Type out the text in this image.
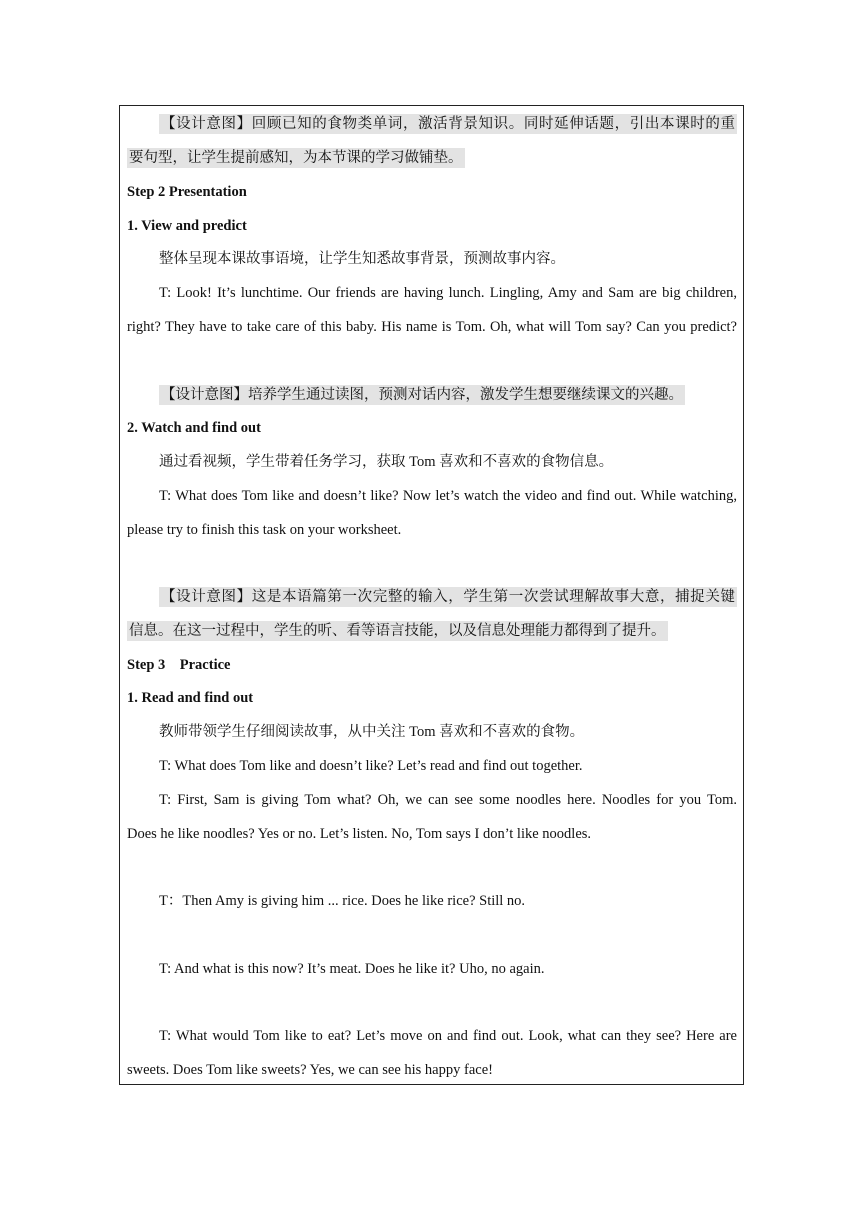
【设计意图】回顾已知的食物类单词，激活背景知识。同时延伸话题，引出本课时的重
要句型，让学生提前感知，为本节课的学习做铺垫。
Step 2 Presentation
1. View and predict
整体呈现本课故事语境，让学生知悉故事背景，预测故事内容。
T: Look! It’s lunchtime. Our friends are having lunch. Lingling, Amy and Sam are big children,
right? They have to take care of this baby. His name is Tom. Oh, what will Tom say? Can you predict?
【设计意图】培养学生通过读图，预测对话内容，激发学生想要继续课文的兴趣。
2. Watch and find out
通过看视频，学生带着任务学习，获取 Tom 喜欢和不喜欢的食物信息。
T: What does Tom like and doesn’t like? Now let’s watch the video and find out. While watching,
please try to finish this task on your worksheet.
【设计意图】这是本语篇第一次完整的输入，学生第一次尝试理解故事大意，捕捉关键
信息。在这一过程中，学生的听、看等语言技能，以及信息处理能力都得到了提升。
Step 3    Practice
1. Read and find out
教师带领学生仔细阅读故事，从中关注 Tom 喜欢和不喜欢的食物。
T: What does Tom like and doesn’t like? Let’s read and find out together.
T: First, Sam is giving Tom what? Oh, we can see some noodles here. Noodles for you Tom.
Does he like noodles? Yes or no. Let’s listen. No, Tom says I don’t like noodles.
T：Then Amy is giving him ... rice. Does he like rice? Still no.
T: And what is this now? It’s meat. Does he like it? Uho, no again.
T: What would Tom like to eat? Let’s move on and find out. Look, what can they see? Here are
sweets. Does Tom like sweets? Yes, we can see his happy face!
